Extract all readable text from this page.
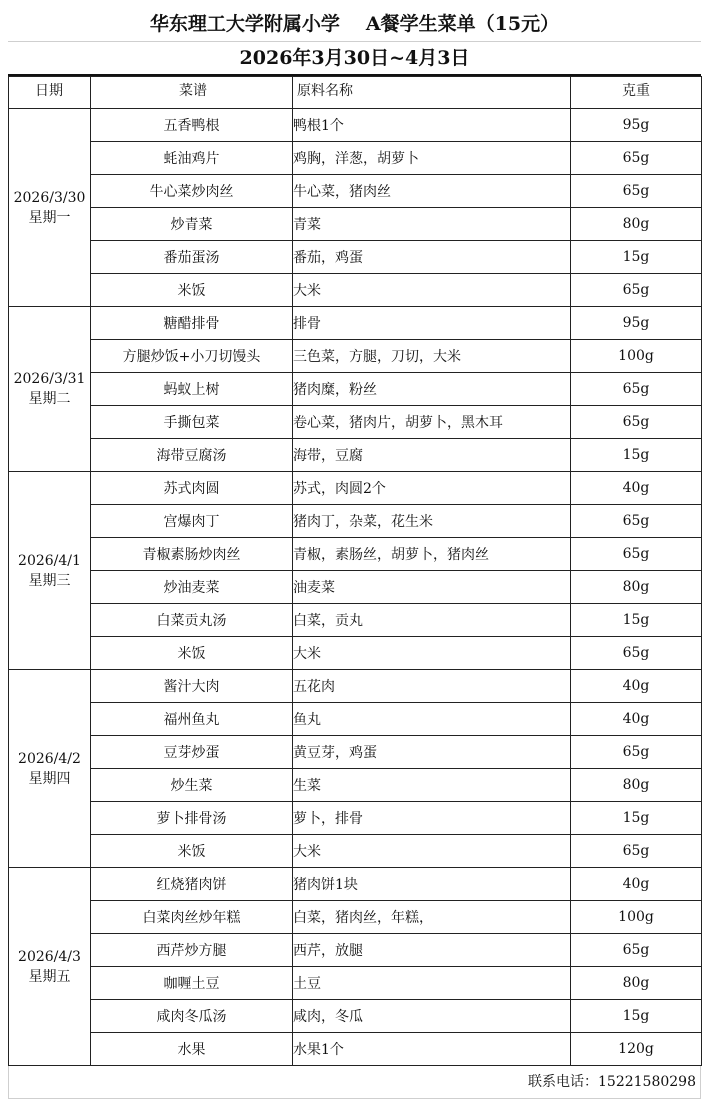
华东理工大学附属小学 A餐学生菜单（15元）
2026年3月30日~4月3日
日期	菜谱	原料名称	克重

2026/3/30
星期一	五香鸭根	鸭根1个	95g
	蚝油鸡片	鸡胸，洋葱，胡萝卜	65g
	牛心菜炒肉丝	牛心菜，猪肉丝	65g
	炒青菜	青菜	80g
	番茄蛋汤	番茄，鸡蛋	15g
	米饭	大米	65g

2026/3/31
星期二	糖醋排骨	排骨	95g
	方腿炒饭+小刀切馒头	三色菜，方腿，刀切，大米	100g
	蚂蚁上树	猪肉糜，粉丝	65g
	手撕包菜	卷心菜，猪肉片，胡萝卜，黑木耳	65g
	海带豆腐汤	海带，豆腐	15g

2026/4/1
星期三	苏式肉圆	苏式，肉圆2个	40g
	宫爆肉丁	猪肉丁，杂菜，花生米	65g
	青椒素肠炒肉丝	青椒，素肠丝，胡萝卜，猪肉丝	65g
	炒油麦菜	油麦菜	80g
	白菜贡丸汤	白菜，贡丸	15g
	米饭	大米	65g

2026/4/2
星期四	酱汁大肉	五花肉	40g
	福州鱼丸	鱼丸	40g
	豆芽炒蛋	黄豆芽，鸡蛋	65g
	炒生菜	生菜	80g
	萝卜排骨汤	萝卜，排骨	15g
	米饭	大米	65g

2026/4/3
星期五	红烧猪肉饼	猪肉饼1块	40g
	白菜肉丝炒年糕	白菜，猪肉丝，年糕，	100g
	西芹炒方腿	西芹，放腿	65g
	咖喱土豆	土豆	80g
	咸肉冬瓜汤	咸肉，冬瓜	15g
	水果	水果1个	120g
联系电话：15221580298
